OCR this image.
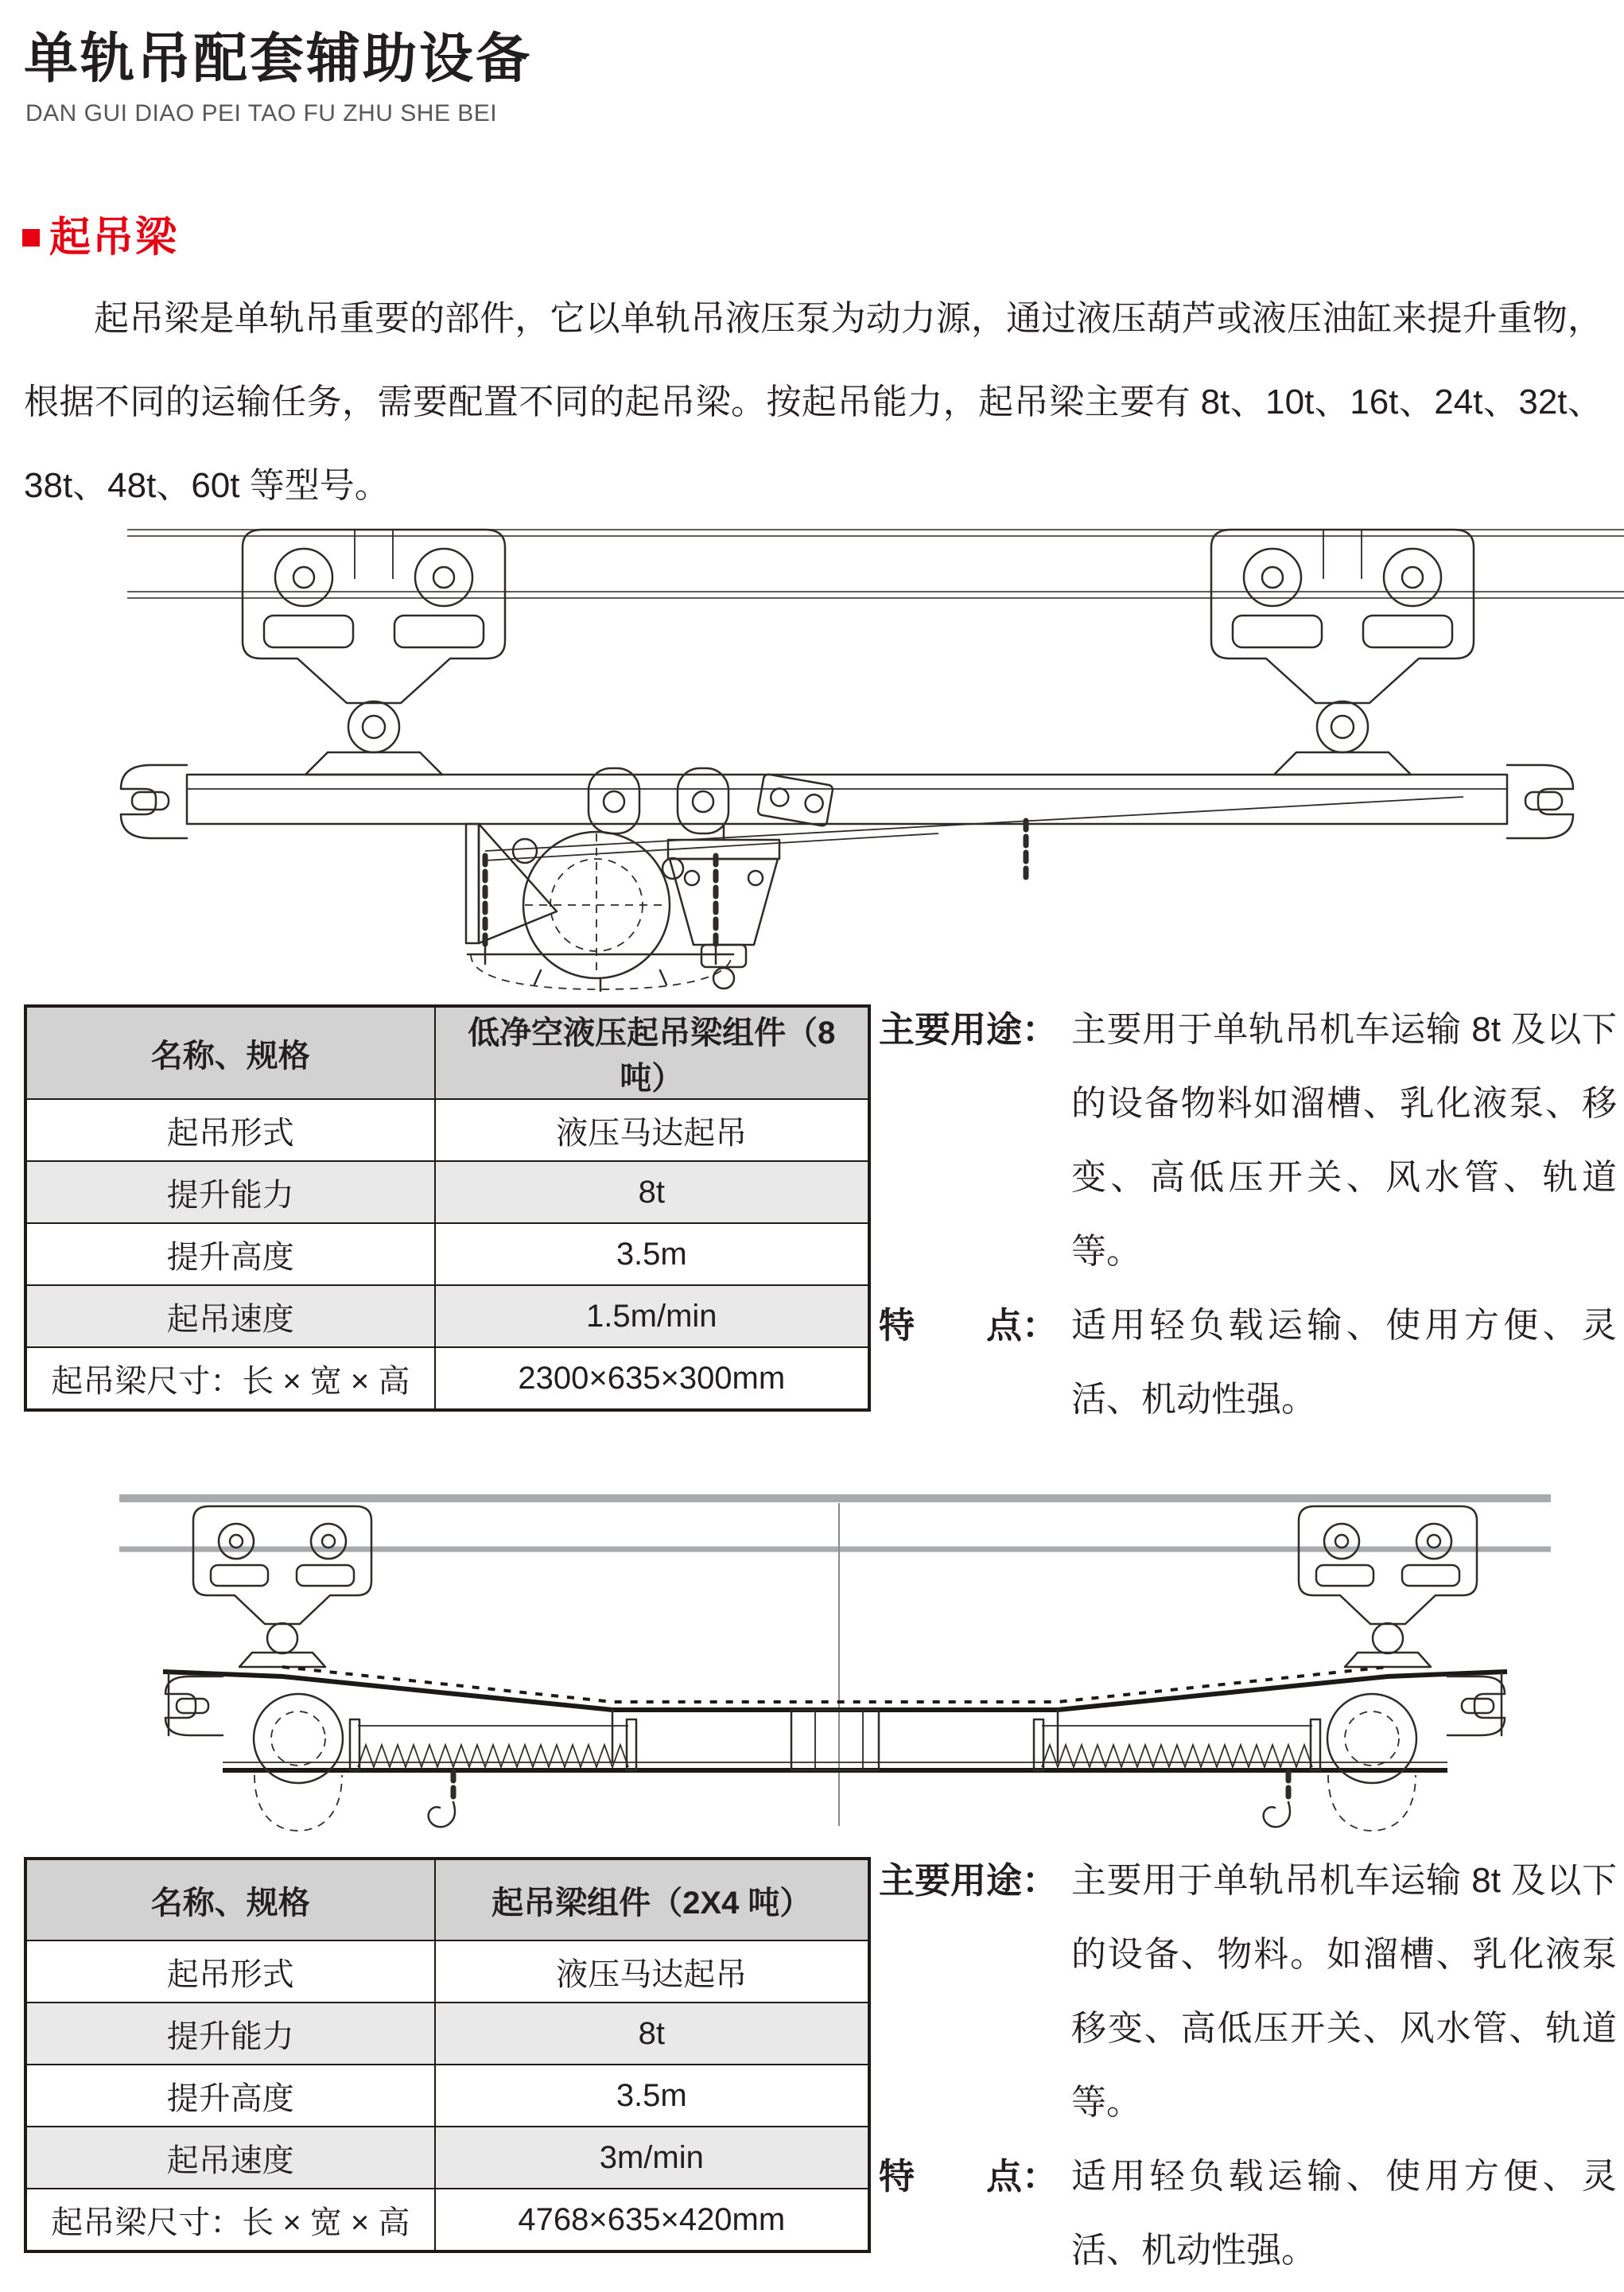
单轨吊配套辅助设备
DAN GUI DIAO PEI TAO FU ZHU SHE BEI
起吊梁
起吊梁是单轨吊重要的部件，它以单轨吊液压泵为动力源，通过液压葫芦或液压油缸来提升重物，根据不同的运输任务，需要配置不同的起吊梁。按起吊能力，起吊梁主要有 8t、10t、16t、24t、32t、38t、48t、60t 等型号。
名称、规格	低净空液压起吊梁组件（8 吨）
起吊形式	液压马达起吊
提升能力	8t
提升高度	3.5m
起吊速度	1.5m/min
起吊梁尺寸：长 × 宽 × 高	2300×635×300mm
主要用途： 主要用于单轨吊机车运输 8t 及以下的设备物料如溜槽、乳化液泵、移变、高低压开关、风水管、轨道等。
特　　点： 适用轻负载运输、使用方便、灵活、机动性强。
名称、规格	起吊梁组件（2X4 吨）
起吊形式	液压马达起吊
提升能力	8t
提升高度	3.5m
起吊速度	3m/min
起吊梁尺寸：长 × 宽 × 高	4768×635×420mm
主要用途： 主要用于单轨吊机车运输 8t 及以下的设备、物料。如溜槽、乳化液泵移变、高低压开关、风水管、轨道等。
特　　点： 适用轻负载运输、使用方便、灵活、机动性强。
